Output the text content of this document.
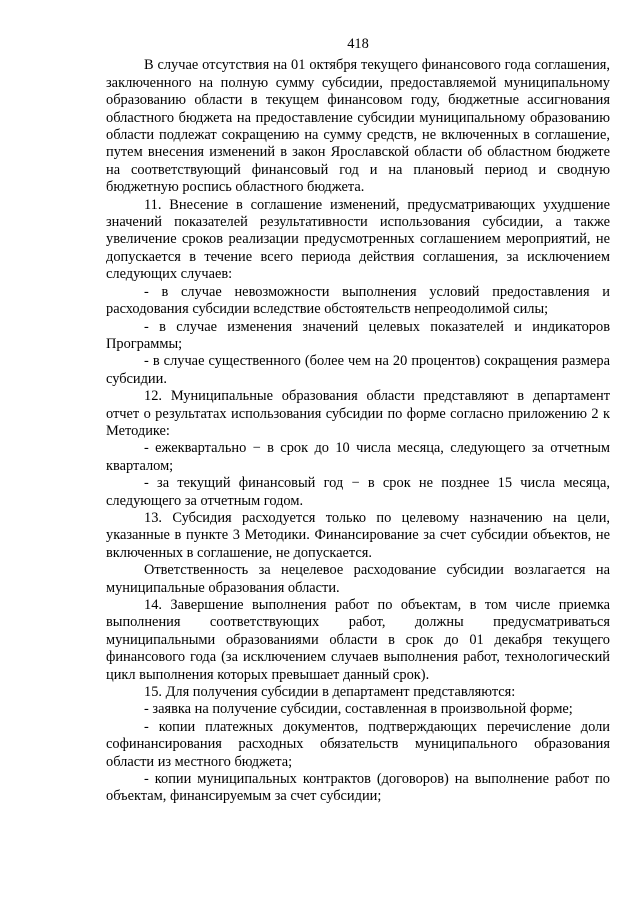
418

В случае отсутствия на 01 октября текущего финансового года соглашения, заключенного на полную сумму субсидии, предоставляемой муниципальному образованию области в текущем финансовом году, бюджетные ассигнования областного бюджета на предоставление субсидии муниципальному образованию области подлежат сокращению на сумму средств, не включенных в соглашение, путем внесения изменений в закон Ярославской области об областном бюджете на соответствующий финансовый год и на плановый период и сводную бюджетную роспись областного бюджета.

11. Внесение в соглашение изменений, предусматривающих ухудшение значений показателей результативности использования субсидии, а также увеличение сроков реализации предусмотренных соглашением мероприятий, не допускается в течение всего периода действия соглашения, за исключением следующих случаев:

- в случае невозможности выполнения условий предоставления и расходования субсидии вследствие обстоятельств непреодолимой силы;

- в случае изменения значений целевых показателей и индикаторов Программы;

- в случае существенного (более чем на 20 процентов) сокращения размера субсидии.

12. Муниципальные образования области представляют в департамент отчет о результатах использования субсидии по форме согласно приложению 2 к Методике:

- ежеквартально − в срок до 10 числа месяца, следующего за отчетным кварталом;

- за текущий финансовый год − в срок не позднее 15 числа месяца, следующего за отчетным годом.

13. Субсидия расходуется только по целевому назначению на цели, указанные в пункте 3 Методики. Финансирование за счет субсидии объектов, не включенных в соглашение, не допускается.

Ответственность за нецелевое расходование субсидии возлагается на муниципальные образования области.

14. Завершение выполнения работ по объектам, в том числе приемка выполнения соответствующих работ, должны предусматриваться муниципальными образованиями области в срок до 01 декабря текущего финансового года (за исключением случаев выполнения работ, технологический цикл выполнения которых превышает данный срок).

15. Для получения субсидии в департамент представляются:

- заявка на получение субсидии, составленная в произвольной форме;

- копии платежных документов, подтверждающих перечисление доли софинансирования расходных обязательств муниципального образования области из местного бюджета;

- копии муниципальных контрактов (договоров) на выполнение работ по объектам, финансируемым за счет субсидии;
